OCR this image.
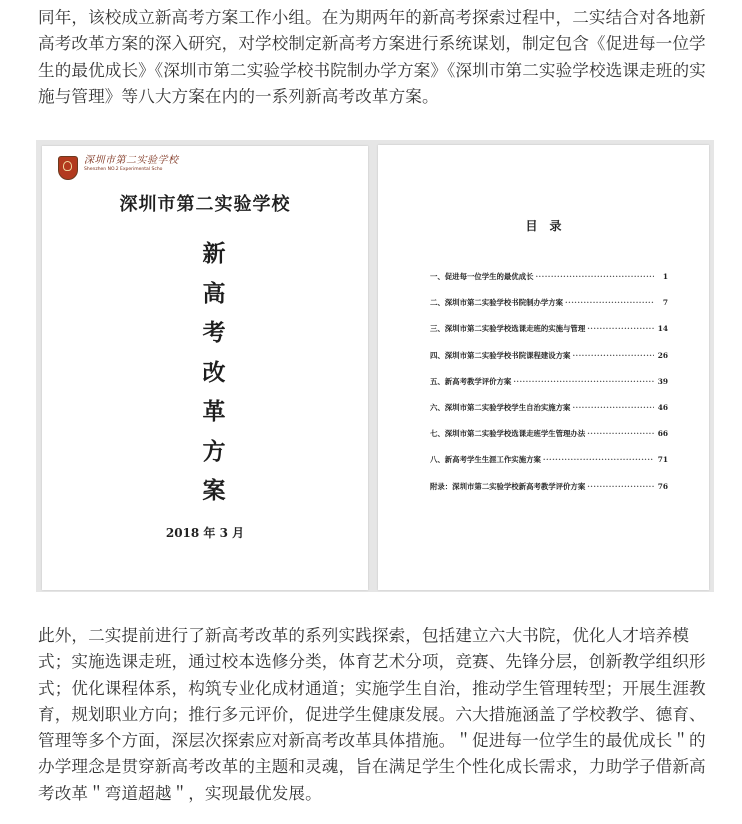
同年，该校成立新高考方案工作小组。在为期两年的新高考探索过程中，二实结合对各地新高考改革方案的深入研究，对学校制定新高考方案进行系统谋划，制定包含《促进每一位学生的最优成长》《深圳市第二实验学校书院制办学方案》《深圳市第二实验学校选课走班的实施与管理》等八大方案在内的一系列新高考改革方案。

深圳市第二实验学校
Shenzhen NO.2 Experimental Scho
深圳市第二实验学校
新
高
考
改
革
方
案
2018 年 3 月
目录
一、促进每一位学生的最优成长 ·····	1
二、深圳市第二实验学校书院制办学方案 ·····	7
三、深圳市第二实验学校选课走班的实施与管理 ·····	14
四、深圳市第二实验学校书院课程建设方案 ·····	26
五、新高考教学评价方案 ·····	39
六、深圳市第二实验学校学生自治实施方案 ·····	46
七、深圳市第二实验学校选课走班学生管理办法 ·····	66
八、新高考学生生涯工作实施方案 ·····	71
附录：深圳市第二实验学校新高考教学评价方案 ·····	76

此外，二实提前进行了新高考改革的系列实践探索，包括建立六大书院，优化人才培养模式；实施选课走班，通过校本选修分类，体育艺术分项，竞赛、先锋分层，创新教学组织形式；优化课程体系，构筑专业化成材通道；实施学生自治，推动学生管理转型；开展生涯教育，规划职业方向；推行多元评价，促进学生健康发展。六大措施涵盖了学校教学、德育、管理等多个方面，深层次探索应对新高考改革具体措施。＂促进每一位学生的最优成长＂的办学理念是贯穿新高考改革的主题和灵魂，旨在满足学生个性化成长需求，力助学子借新高考改革＂弯道超越＂，实现最优发展。
